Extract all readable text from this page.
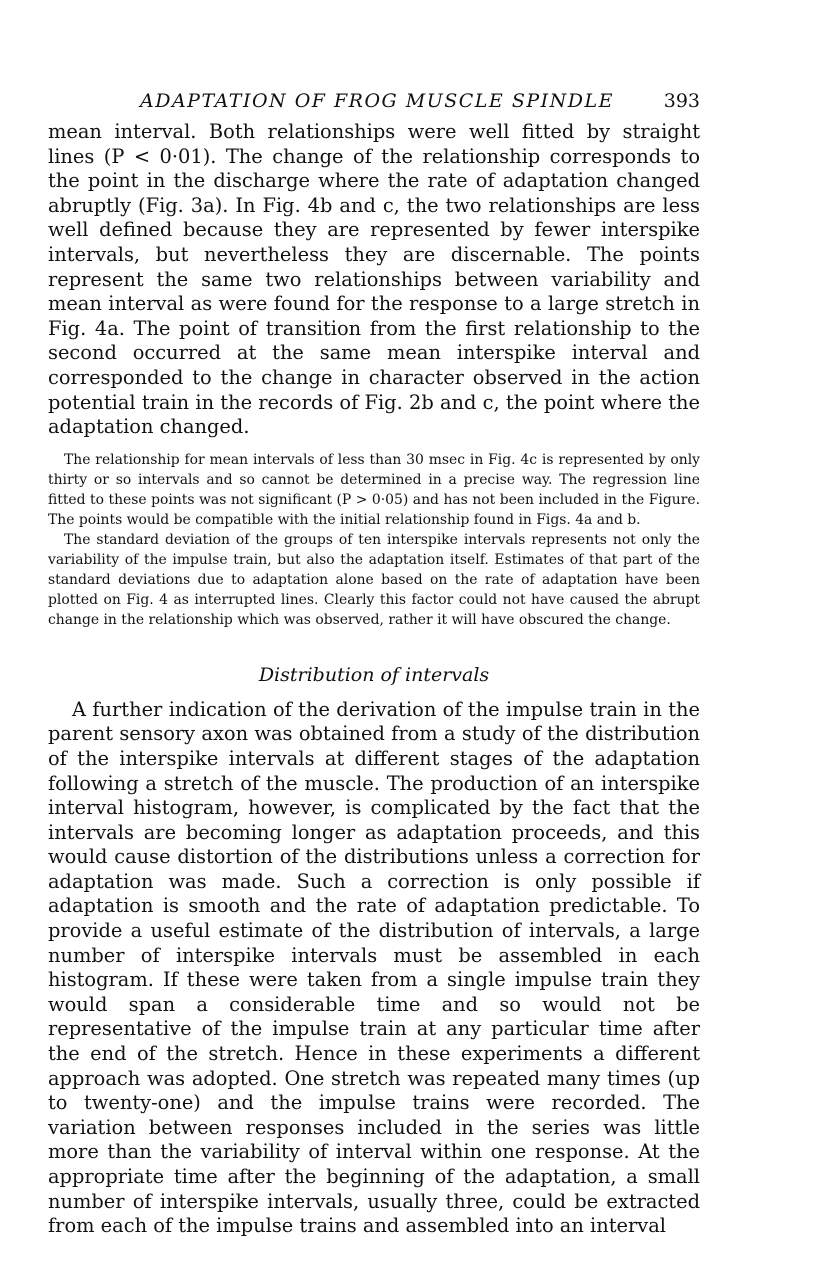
ADAPTATION OF FROG MUSCLE SPINDLE	393

mean interval. Both relationships were well fitted by straight lines (P < 0·01). The change of the relationship corresponds to the point in the discharge where the rate of adaptation changed abruptly (Fig. 3a). In Fig. 4b and c, the two relationships are less well defined because they are represented by fewer interspike intervals, but nevertheless they are discernable. The points represent the same two relationships between variability and mean interval as were found for the response to a large stretch in Fig. 4a. The point of transition from the first relationship to the second occurred at the same mean interspike interval and corresponded to the change in character observed in the action potential train in the records of Fig. 2b and c, the point where the adaptation changed.

The relationship for mean intervals of less than 30 msec in Fig. 4c is represented by only thirty or so intervals and so cannot be determined in a precise way. The regression line fitted to these points was not significant (P > 0·05) and has not been included in the Figure. The points would be compatible with the initial relationship found in Figs. 4a and b.

The standard deviation of the groups of ten interspike intervals represents not only the variability of the impulse train, but also the adaptation itself. Estimates of that part of the standard deviations due to adaptation alone based on the rate of adaptation have been plotted on Fig. 4 as interrupted lines. Clearly this factor could not have caused the abrupt change in the relationship which was observed, rather it will have obscured the change.

Distribution of intervals

A further indication of the derivation of the impulse train in the parent sensory axon was obtained from a study of the distribution of the interspike intervals at different stages of the adaptation following a stretch of the muscle. The production of an interspike interval histogram, however, is complicated by the fact that the intervals are becoming longer as adaptation proceeds, and this would cause distortion of the distributions unless a correction for adaptation was made. Such a correction is only possible if adaptation is smooth and the rate of adaptation predictable. To provide a useful estimate of the distribution of intervals, a large number of interspike intervals must be assembled in each histogram. If these were taken from a single impulse train they would span a considerable time and so would not be representative of the impulse train at any particular time after the end of the stretch. Hence in these experiments a different approach was adopted. One stretch was repeated many times (up to twenty-one) and the impulse trains were recorded. The variation between responses included in the series was little more than the variability of interval within one response. At the appropriate time after the beginning of the adaptation, a small number of interspike intervals, usually three, could be extracted from each of the impulse trains and assembled into an interval
